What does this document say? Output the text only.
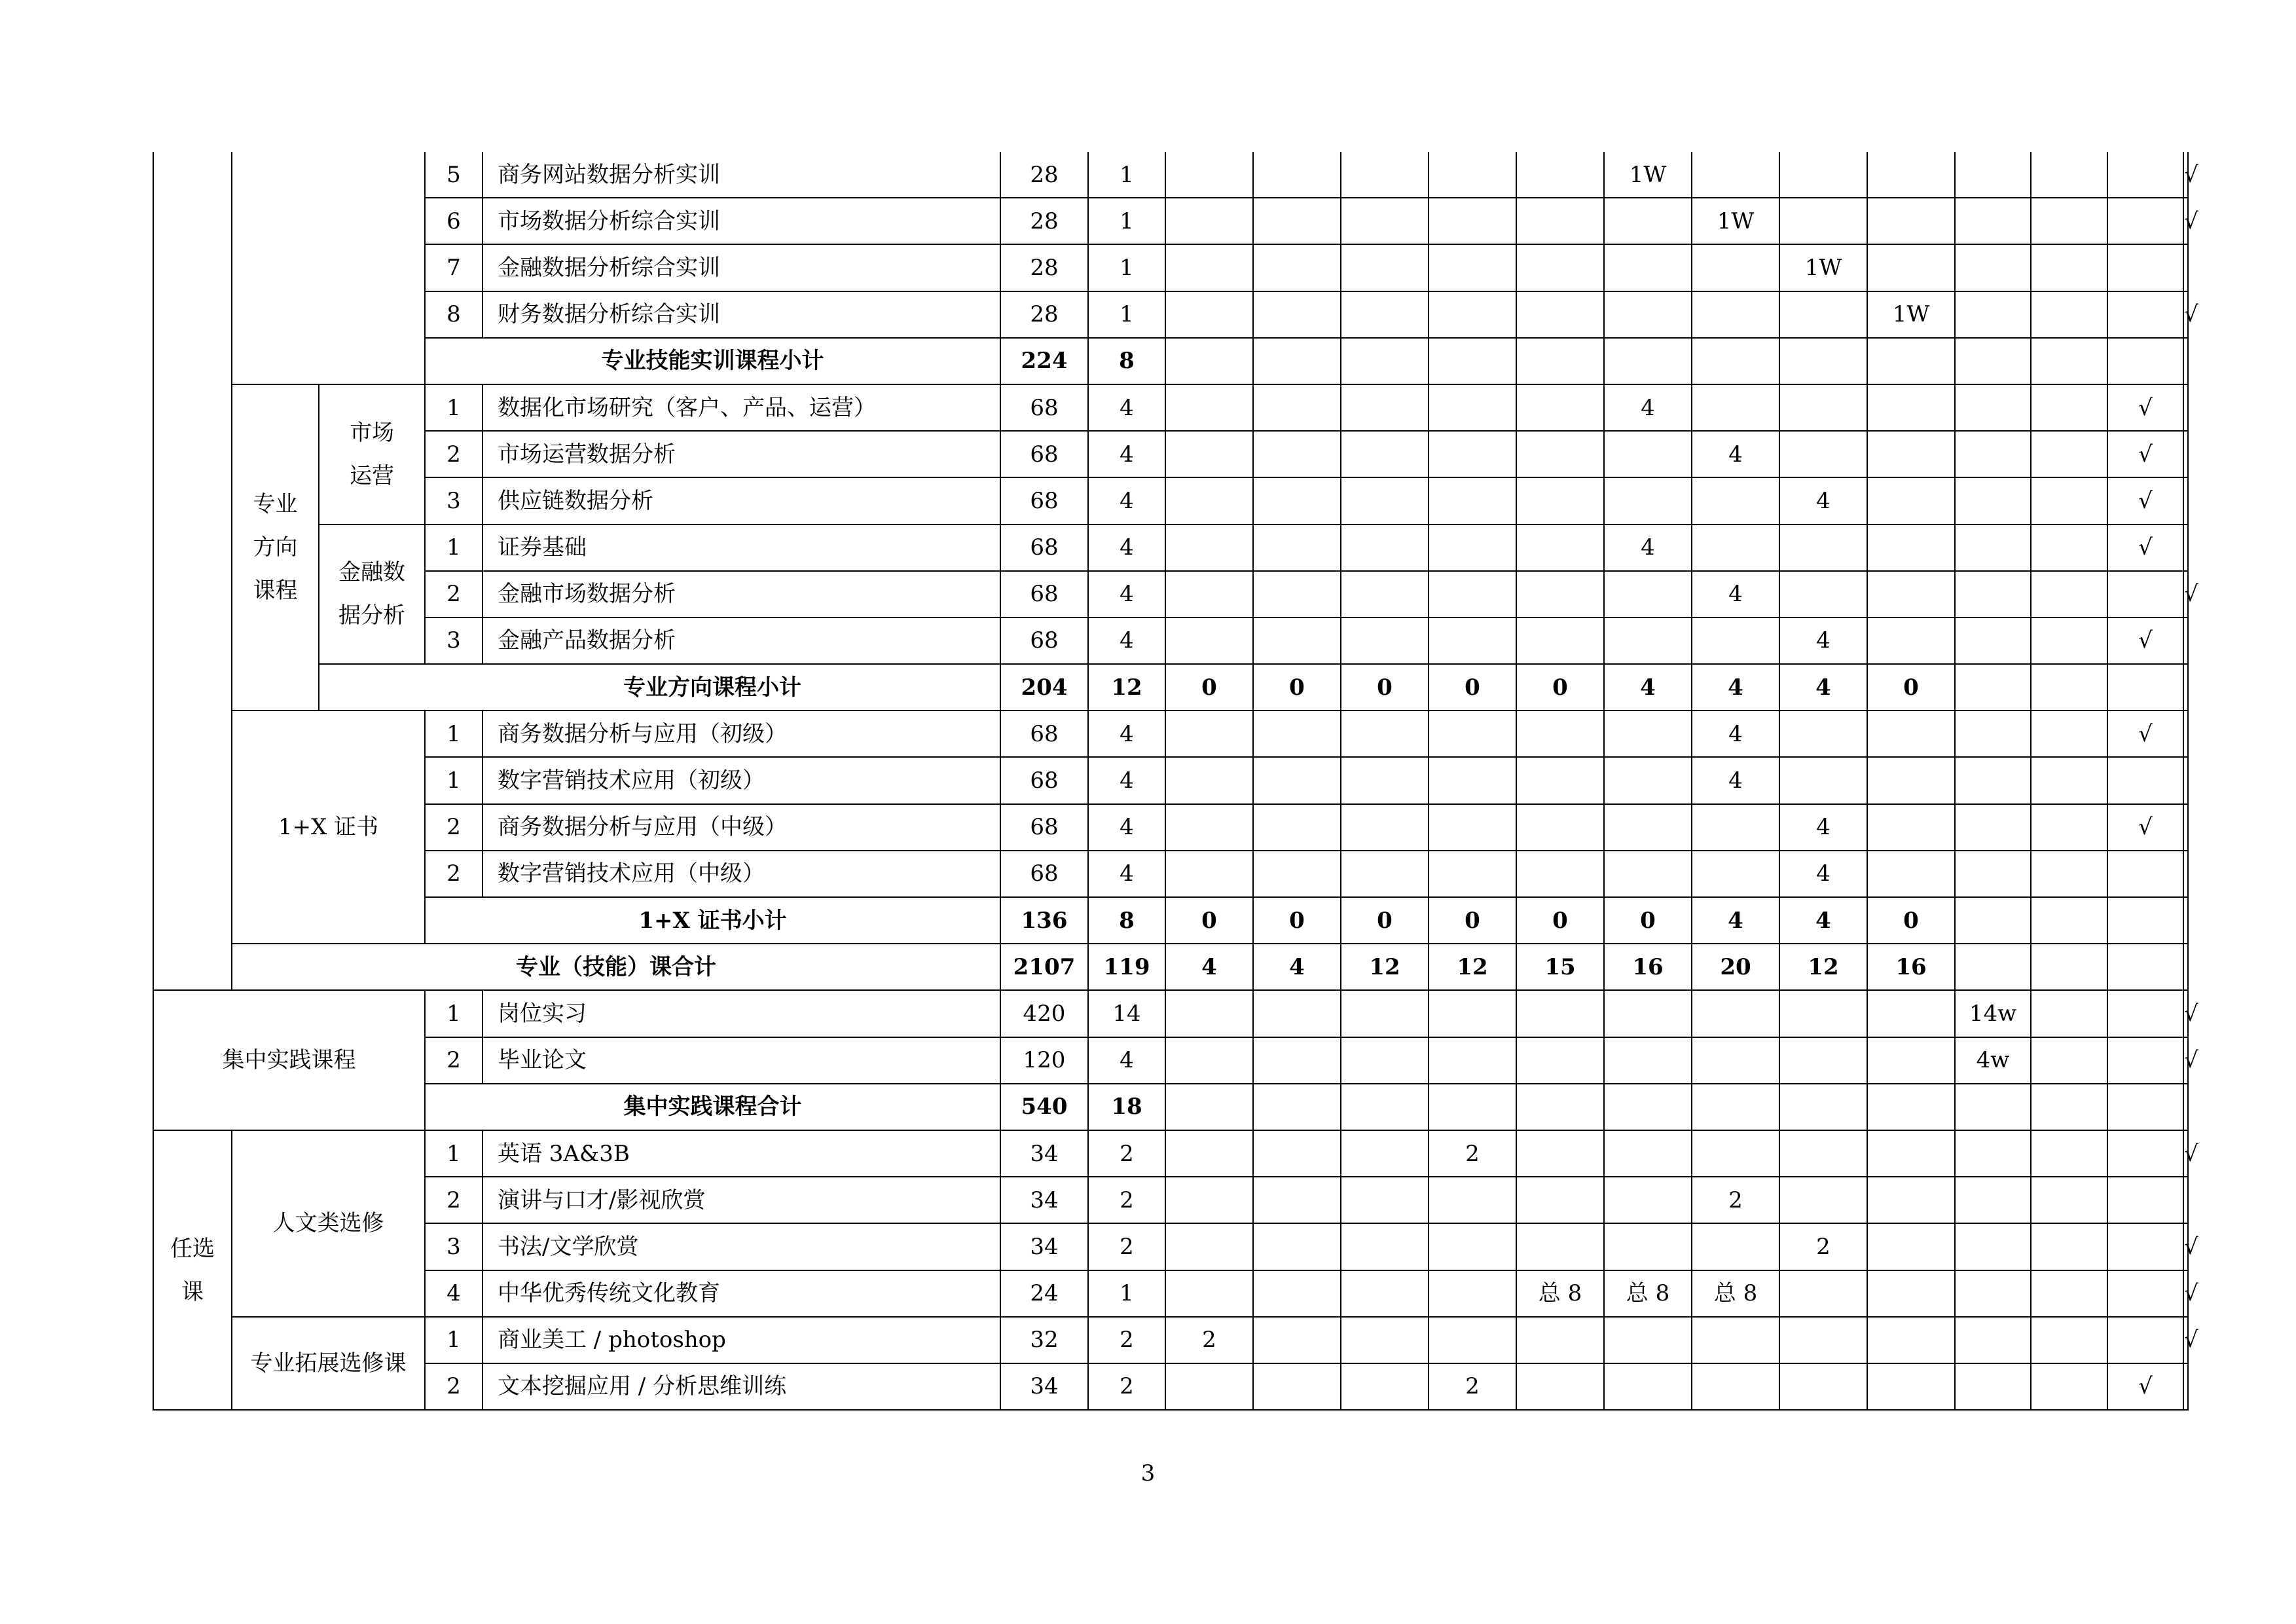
			5	商务网站数据分析实训	28	1						1W							√
			6	市场数据分析综合实训	28	1							1W						√
			7	金融数据分析综合实训	28	1								1W					
			8	财务数据分析综合实训	28	1									1W				√
			专业技能实训课程小计		224	8													
	专业方向课程	市场运营	1	数据化市场研究（客户、产品、运营）	68	4						4						√	
			2	市场运营数据分析	68	4							4					√	
			3	供应链数据分析	68	4								4				√	
		金融数据分析	1	证券基础	68	4						4						√	
			2	金融市场数据分析	68	4							4						√
			3	金融产品数据分析	68	4								4				√	
			专业方向课程小计		204	12	0	0	0	0	0	4	4	4	0				
	1+X 证书		1	商务数据分析与应用（初级）	68	4							4					√	
			1	数字营销技术应用（初级）	68	4							4						
			2	商务数据分析与应用（中级）	68	4								4				√	
			2	数字营销技术应用（中级）	68	4								4					
			1+X 证书小计		136	8	0	0	0	0	0	0	4	4	0				
	专业（技能）课合计				2107	119	4	4	12	12	15	16	20	12	16				
集中实践课程			1	岗位实习	420	14										14w			√
			2	毕业论文	120	4										4w			√
			集中实践课程合计		540	18													
任选课	人文类选修		1	英语 3A&3B	34	2				2									√
			2	演讲与口才/影视欣赏	34	2							2						
			3	书法/文学欣赏	34	2								2					√
			4	中华优秀传统文化教育	24	1					总 8	总 8	总 8						√
	专业拓展选修课		1	商业美工 / photoshop	32	2	2												√
			2	文本挖掘应用 / 分析思维训练	34	2				2								√	
3
